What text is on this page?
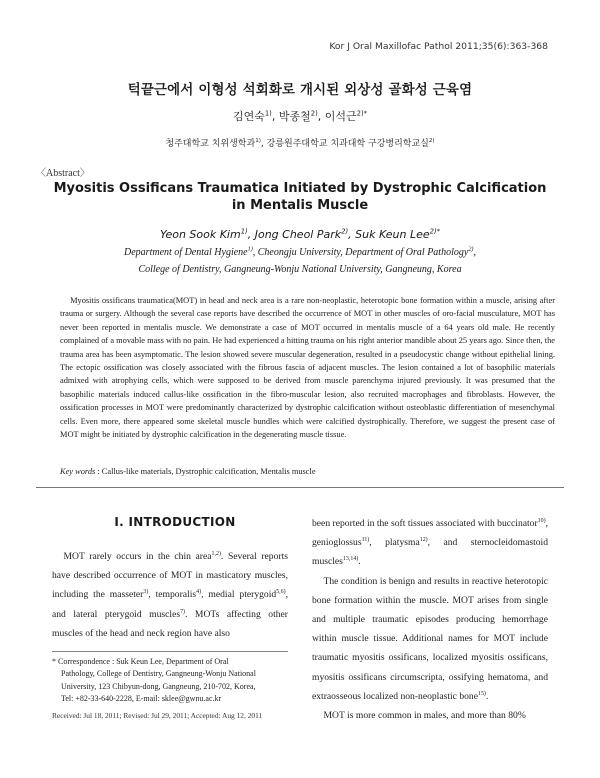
Kor J Oral Maxillofac Pathol 2011;35(6):363-368
턱끝근에서 이형성 석회화로 개시된 외상성 골화성 근육염
김연숙$^{1)}$, 박종철$^{2)}$, 이석근$^{2)*}$
청주대학교 치위생학과$^{1)}$, 강릉원주대학교 치과대학 구강병리학교실$^{2)}$
〈Abstract〉
Myositis Ossificans Traumatica Initiated by Dystrophic Calcification
in Mentalis Muscle
Yeon Sook Kim$^{1)}$, Jong Cheol Park$^{2)}$, Suk Keun Lee$^{2)*}$
Department of Dental Hygiene$^{1)}$, Cheongju University, Department of Oral Pathology$^{2)}$,
College of Dentistry, Gangneung-Wonju National University, Gangneung, Korea

Myositis ossificans traumatica(MOT) in head and neck area is a rare non-neoplastic, heterotopic bone formation within a muscle, arising after trauma or surgery. Although the several case reports have described the occurrence of MOT in other muscles of oro-facial musculature, MOT has never been reported in mentalis muscle. We demonstrate a case of MOT occurred in mentalis muscle of a 64 years old male. He recently complained of a movable mass with no pain. He had experienced a hitting trauma on his right anterior mandible about 25 years ago. Since then, the trauma area has been asymptomatic. The lesion showed severe muscular degeneration, resulted in a pseudocystic change without epithelial lining. The ectopic ossification was closely associated with the fibrous fascia of adjacent muscles. The lesion contained a lot of basophilic materials admixed with atrophying cells, which were supposed to be derived from muscle parenchyma injured previously. It was presumed that the basophilic materials induced callus-like ossification in the fibro-muscular lesion, also recruited macrophages and fibroblasts. However, the ossification processes in MOT were predominantly characterized by dystrophic calcification without osteoblastic differentiation of mesenchymal cells. Even more, there appeared some skeletal muscle bundles which were calcified dystrophically. Therefore, we suggest the present case of MOT might be initiated by dystrophic calcification in the degenerating muscle tissue.

Key words : Callus-like materials, Dystrophic calcification, Mentalis muscle
Ⅰ. INTRODUCTION

MOT rarely occurs in the chin area$^{1,2)}$. Several reports have described occurrence of MOT in masticatory muscles, including the masseter$^{3)}$, temporalis$^{4)}$, medial pterygoid$^{5,6)}$, and lateral pterygoid muscles$^{7)}$. MOTs affecting other muscles of the head and neck region have also

* Correspondence : Suk Keun Lee, Department of Oral
Pathology, College of Dentistry, Gangneung-Wonju National
University, 123 Chibyun-dong, Gangneung, 210-702, Korea,
Tel: +82-33-640-2228, E-mail: sklee@gwnu.ac.kr
Received: Jul 18, 2011; Revised: Jul 29, 2011; Accepted: Aug 12, 2011

been reported in the soft tissues associated with buccinator$^{10)}$, genioglossus$^{11)}$, platysma$^{12)}$, and sternocleidomastoid muscles$^{13,14)}$.

The condition is benign and results in reactive heterotopic bone formation within the muscle. MOT arises from single and multiple traumatic episodes producing hemorrhage within muscle tissue. Additional names for MOT include traumatic myositis ossificans, localized myositis ossificans, myositis ossificans circumscripta, ossifying hematoma, and extraosseous localized non-neoplastic bone$^{15)}$.

MOT is more common in males, and more than 80%
